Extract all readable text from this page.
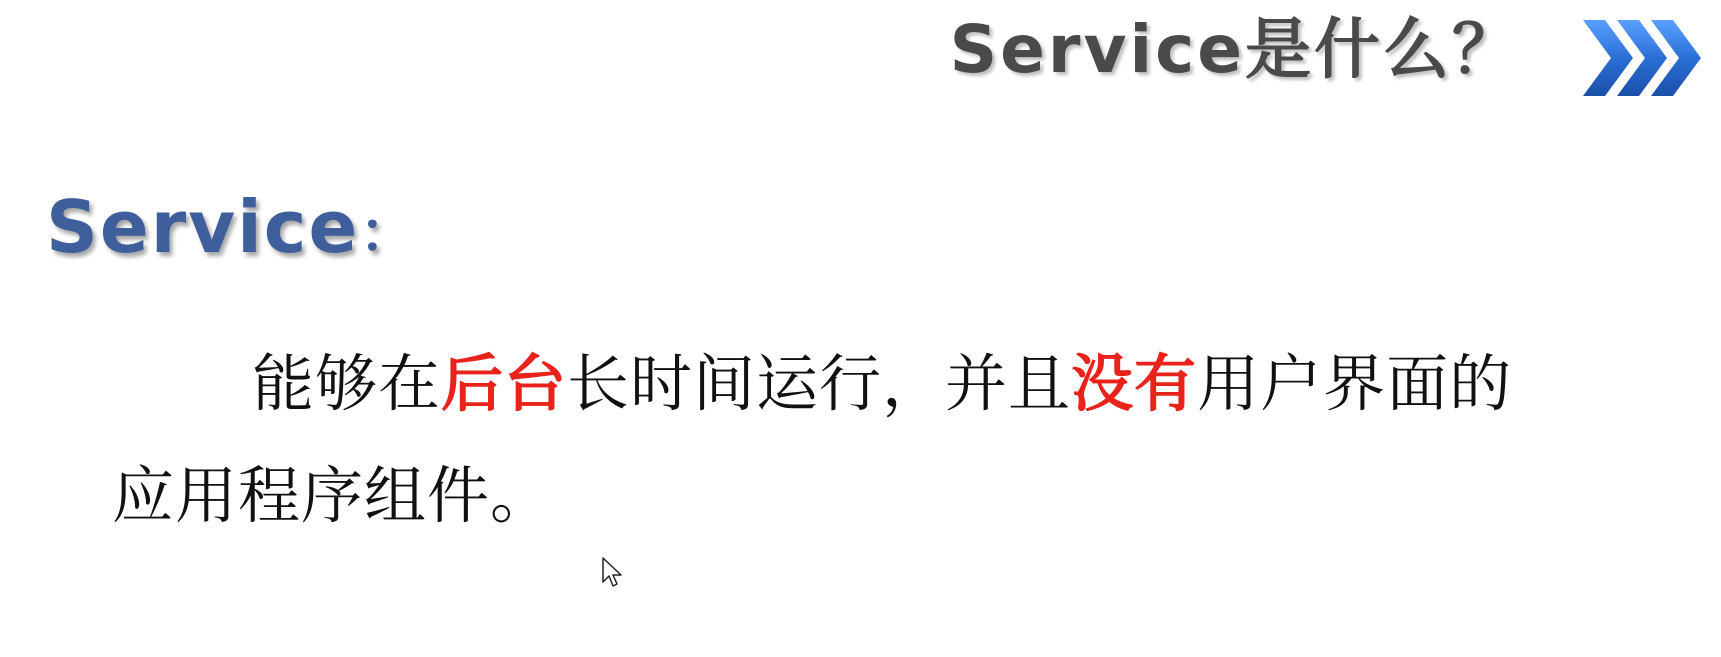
Service是什么？
Service：
能够在后台长时间运行，并且没有用户界面的应用程序组件。
